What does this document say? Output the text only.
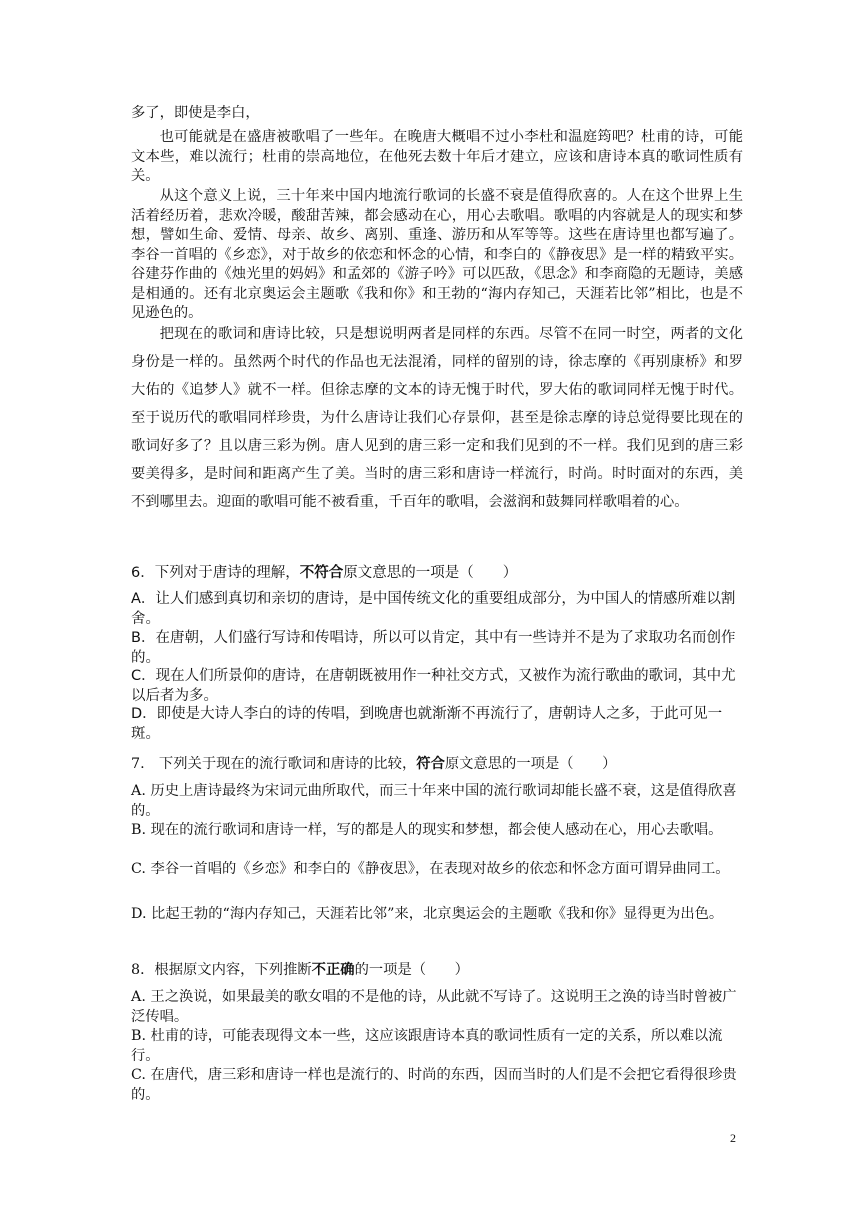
多了，即使是李白，

也可能就是在盛唐被歌唱了一些年。在晚唐大概唱不过小李杜和温庭筠吧？杜甫的诗，可能文本些，难以流行；杜甫的崇高地位，在他死去数十年后才建立，应该和唐诗本真的歌词性质有关。

从这个意义上说，三十年来中国内地流行歌词的长盛不衰是值得欣喜的。人在这个世界上生活着经历着，悲欢冷暖，酸甜苦辣，都会感动在心，用心去歌唱。歌唱的内容就是人的现实和梦想，譬如生命、爱情、母亲、故乡、离别、重逢、游历和从军等等。这些在唐诗里也都写遍了。李谷一首唱的《乡恋》，对于故乡的依恋和怀念的心情，和李白的《静夜思》是一样的精致平实。谷建芬作曲的《烛光里的妈妈》和孟郊的《游子吟》可以匹敌，《思念》和李商隐的无题诗，美感是相通的。还有北京奥运会主题歌《我和你》和王勃的“海内存知己，天涯若比邻”相比，也是不见逊色的。

把现在的歌词和唐诗比较，只是想说明两者是同样的东西。尽管不在同一时空，两者的文化身份是一样的。虽然两个时代的作品也无法混淆，同样的留别的诗，徐志摩的《再别康桥》和罗大佑的《追梦人》就不一样。但徐志摩的文本的诗无愧于时代，罗大佑的歌词同样无愧于时代。至于说历代的歌唱同样珍贵，为什么唐诗让我们心存景仰，甚至是徐志摩的诗总觉得要比现在的歌词好多了？且以唐三彩为例。唐人见到的唐三彩一定和我们见到的不一样。我们见到的唐三彩要美得多，是时间和距离产生了美。当时的唐三彩和唐诗一样流行，时尚。时时面对的东西，美不到哪里去。迎面的歌唱可能不被看重，千百年的歌唱，会滋润和鼓舞同样歌唱着的心。

6．下列对于唐诗的理解，不符合原文意思的一项是（　　）

A．让人们感到真切和亲切的唐诗，是中国传统文化的重要组成部分，为中国人的情感所难以割舍。

B．在唐朝，人们盛行写诗和传唱诗，所以可以肯定，其中有一些诗并不是为了求取功名而创作的。

C．现在人们所景仰的唐诗，在唐朝既被用作一种社交方式，又被作为流行歌曲的歌词，其中尤以后者为多。

D．即使是大诗人李白的诗的传唱，到晚唐也就渐渐不再流行了，唐朝诗人之多，于此可见一斑。

7.　下列关于现在的流行歌词和唐诗的比较，符合原文意思的一项是（　　）

A. 历史上唐诗最终为宋词元曲所取代，而三十年来中国的流行歌词却能长盛不衰，这是值得欣喜的。

B. 现在的流行歌词和唐诗一样，写的都是人的现实和梦想，都会使人感动在心，用心去歌唱。

C. 李谷一首唱的《乡恋》和李白的《静夜思》，在表现对故乡的依恋和怀念方面可谓异曲同工。

D. 比起王勃的“海内存知己，天涯若比邻”来，北京奥运会的主题歌《我和你》显得更为出色。

8．根据原文内容，下列推断不正确的一项是（　　）

A. 王之涣说，如果最美的歌女唱的不是他的诗，从此就不写诗了。这说明王之涣的诗当时曾被广泛传唱。

B. 杜甫的诗，可能表现得文本一些，这应该跟唐诗本真的歌词性质有一定的关系，所以难以流行。

C. 在唐代，唐三彩和唐诗一样也是流行的、时尚的东西，因而当时的人们是不会把它看得很珍贵的。

2
